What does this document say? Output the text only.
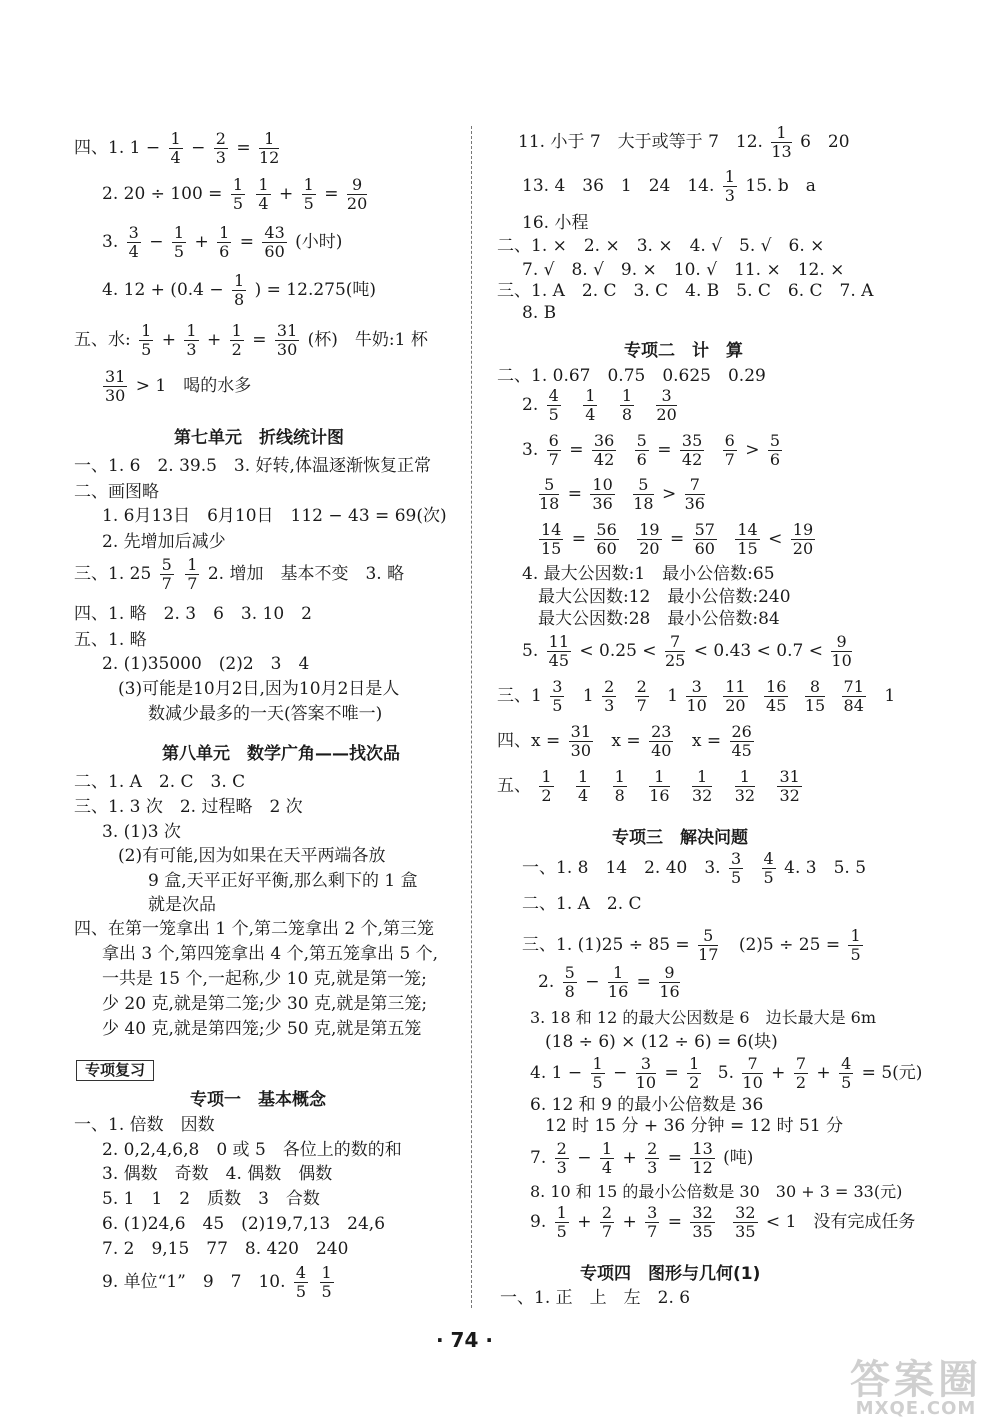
四、1. $1 - \frac{1}{4} - \frac{2}{3} = \frac{1}{12}$
2. $20 \div 100 = \frac{1}{5}$
$\frac{1}{4} + \frac{1}{5} = \frac{9}{20}$
3. $\frac{3}{4} - \frac{1}{5} + \frac{1}{6} = \frac{43}{60}$ (小时)
4. $12 + (0.4 - \frac{1}{8}$ ) = 12.275(吨)
五、水: $\frac{1}{5} + \frac{1}{3} + \frac{1}{2} = \frac{31}{30}$ (杯)　牛奶:1 杯
$\frac{31}{30} > 1$　喝的水多
第七单元　折线统计图
一、1. 6　2. 39.5　3. 好转,体温逐渐恢复正常
二、画图略
1. 6月13日　6月10日　112 − 43 = 69(次)
2. 先增加后减少
三、1. $25 \frac{5}{7}$
$\frac{1}{7} 2$. 增加　基本不变　3. 略
四、1. 略　2. 3　6　3. 10　2
五、1. 略
2. (1)35000　(2)2　3　4
(3)可能是10月2日,因为10月2日是人
数减少最多的一天(答案不唯一)
第八单元　数学广角——找次品
二、1. A　2. C　3. C
三、1. 3 次　2. 过程略　2 次
3. (1)3 次
(2)有可能,因为如果在天平两端各放
9 盒,天平正好平衡,那么剩下的 1 盒
就是次品
四、在第一笼拿出 1 个,第二笼拿出 2 个,第三笼
拿出 3 个,第四笼拿出 4 个,第五笼拿出 5 个,
一共是 15 个,一起称,少 10 克,就是第一笼;
少 20 克,就是第二笼;少 30 克,就是第三笼;
少 40 克,就是第四笼;少 50 克,就是第五笼
专项复习
专项一　基本概念
一、1. 倍数　因数
2. 0,2,4,6,8　0 或 5　各位上的数的和
3. 偶数　奇数　4. 偶数　偶数
5. 1　1　2　质数　3　合数
6. (1)24,6　45　(2)19,7,13　24,6
7. 2　9,15　77　8. 420　240
9. 单位“1”　9　7　10. $\frac{4}{5}$
$\frac{1}{5}$
11. 小于 7　大于或等于 7　12. $\frac{1}{13} 6$　20
13. 4　36　1　24　14. $\frac{1}{3} 15$. b　a
16. 小程
二、1. ×　2. ×　3. ×　4. √　5. √　6. ×
7. √　8. √　9. ×　10. √　11. ×　12. ×
三、1. A　2. C　3. C　4. B　5. C　6. C　7. A
8. B
专项二　计　算
二、1. 0.67　0.75　0.625　0.29
2. $\frac{4}{5}$
$\frac{1}{4}$
$\frac{1}{8}$
$\frac{3}{20}$
3. $\frac{6}{7} = \frac{36}{42}$
$\frac{5}{6} = \frac{35}{42}$
$\frac{6}{7} > \frac{5}{6}$
$\frac{5}{18} = \frac{10}{36}$
$\frac{5}{18} > \frac{7}{36}$
$\frac{14}{15} = \frac{56}{60}$
$\frac{19}{20} = \frac{57}{60}$
$\frac{14}{15} < \frac{19}{20}$
4. 最大公因数:1　最小公倍数:65
最大公因数:12　最小公倍数:240
最大公因数:28　最小公倍数:84
5. $\frac{11}{45} < 0.25 < \frac{7}{25} < 0.43 < 0.7 < \frac{9}{10}$
三、$1 \frac{3}{5} 1 \frac{2}{3}$
$\frac{2}{7} 1 \frac{3}{10}$
$\frac{11}{20}$
$\frac{16}{45}$
$\frac{8}{15}$
$\frac{71}{84} 1$
四、$x = \frac{31}{30}$ $x = \frac{23}{40}$ $x = \frac{26}{45}$
五、 $\frac{1}{2}$
$\frac{1}{4}$
$\frac{1}{8}$
$\frac{1}{16}$
$\frac{1}{32}$
$\frac{1}{32}$
$\frac{31}{32}$
专项三　解决问题
一、1. 8　14　2. 40　3. $\frac{3}{5}$
$\frac{4}{5} 4$. 3　5. 5
二、1. A　2. C
三、1. $(1)25 \div 85 = \frac{5}{17} (2)5 \div 25 = \frac{1}{5}$
2. $\frac{5}{8} - \frac{1}{16} = \frac{9}{16}$
3. 18 和 12 的最大公因数是 6　边长最大是 6m
(18 ÷ 6) × (12 ÷ 6) = 6(块)
4. $1 - \frac{1}{5} - \frac{3}{10} = \frac{1}{2} 5$. $\frac{7}{10} + \frac{7}{2} + \frac{4}{5} = 5$(元)
6. 12 和 9 的最小公倍数是 36
12 时 15 分 + 36 分钟 = 12 时 51 分
7. $\frac{2}{3} - \frac{1}{4} + \frac{2}{3} = \frac{13}{12}$ (吨)
8. 10 和 15 的最小公倍数是 30　30 + 3 = 33(元)
9. $\frac{1}{5} + \frac{2}{7} + \frac{3}{7} = \frac{32}{35}$
$\frac{32}{35} < 1$　没有完成任务
专项四　图形与几何(1)
一、1. 正　上　左　2. 6
· 74 ·
答案圈
MXQE.COM
